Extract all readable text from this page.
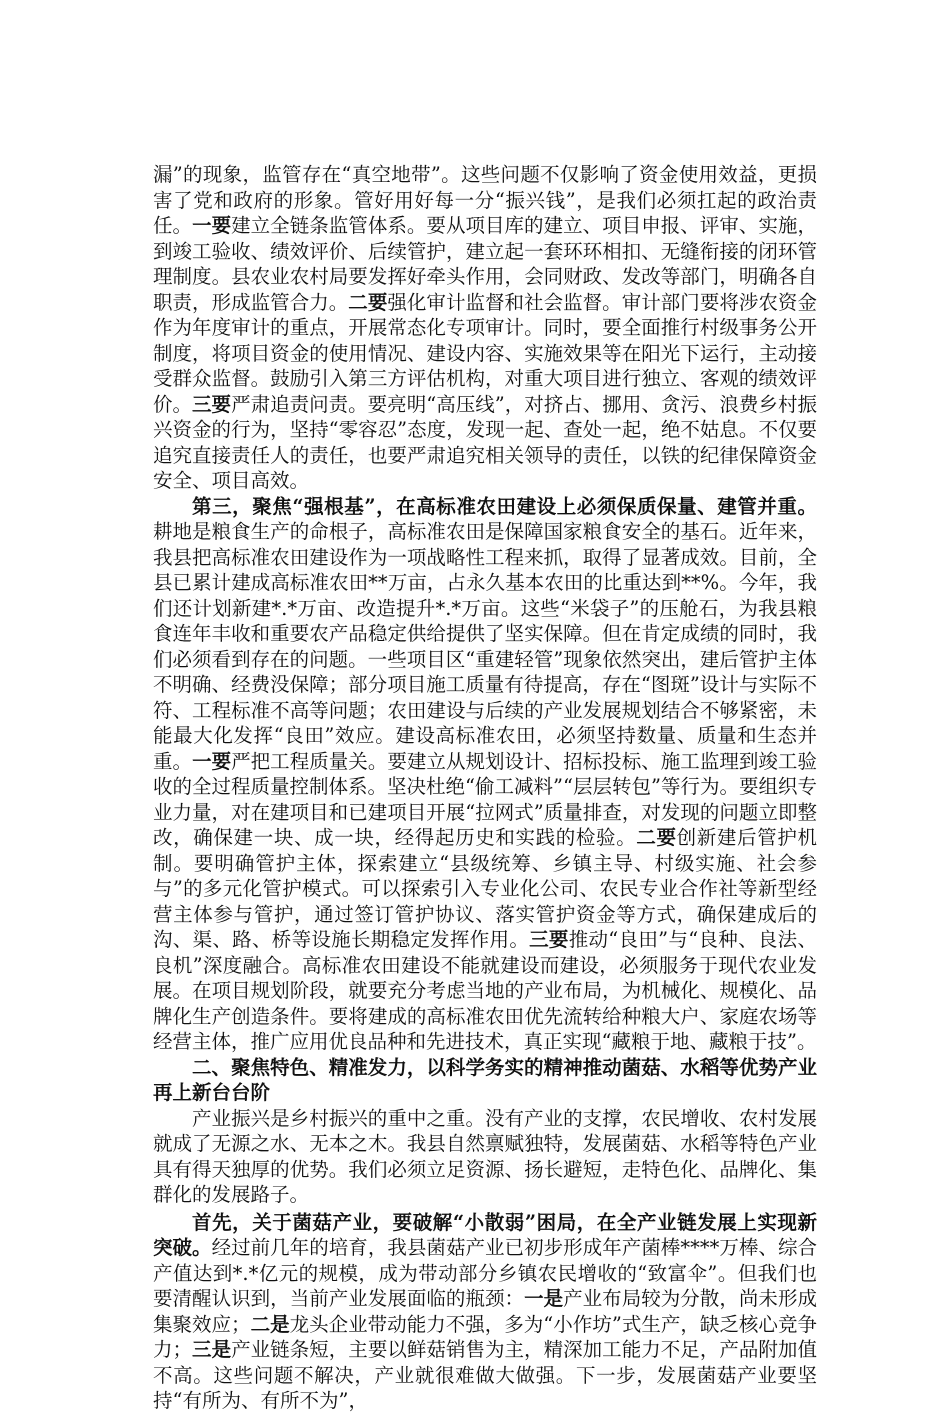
漏”的现象，监管存在“真空地带”。这些问题不仅影响了资金使用效益，更损害了党和政府的形象。管好用好每一分“振兴钱”，是我们必须扛起的政治责任。一要建立全链条监管体系。要从项目库的建立、项目申报、评审、实施，到竣工验收、绩效评价、后续管护，建立起一套环环相扣、无缝衔接的闭环管理制度。县农业农村局要发挥好牵头作用，会同财政、发改等部门，明确各自职责，形成监管合力。二要强化审计监督和社会监督。审计部门要将涉农资金作为年度审计的重点，开展常态化专项审计。同时，要全面推行村级事务公开制度，将项目资金的使用情况、建设内容、实施效果等在阳光下运行，主动接受群众监督。鼓励引入第三方评估机构，对重大项目进行独立、客观的绩效评价。三要严肃追责问责。要亮明“高压线”，对挤占、挪用、贪污、浪费乡村振兴资金的行为，坚持“零容忍”态度，发现一起、查处一起，绝不姑息。不仅要追究直接责任人的责任，也要严肃追究相关领导的责任，以铁的纪律保障资金安全、项目高效。

第三，聚焦“强根基”，在高标准农田建设上必须保质保量、建管并重。耕地是粮食生产的命根子，高标准农田是保障国家粮食安全的基石。近年来，我县把高标准农田建设作为一项战略性工程来抓，取得了显著成效。目前，全县已累计建成高标准农田**万亩，占永久基本农田的比重达到**%。今年，我们还计划新建*.*万亩、改造提升*.*万亩。这些“米袋子”的压舱石，为我县粮食连年丰收和重要农产品稳定供给提供了坚实保障。但在肯定成绩的同时，我们必须看到存在的问题。一些项目区“重建轻管”现象依然突出，建后管护主体不明确、经费没保障；部分项目施工质量有待提高，存在“图斑”设计与实际不符、工程标准不高等问题；农田建设与后续的产业发展规划结合不够紧密，未能最大化发挥“良田”效应。建设高标准农田，必须坚持数量、质量和生态并重。一要严把工程质量关。要建立从规划设计、招标投标、施工监理到竣工验收的全过程质量控制体系。坚决杜绝“偷工减料”“层层转包”等行为。要组织专业力量，对在建项目和已建项目开展“拉网式”质量排查，对发现的问题立即整改，确保建一块、成一块，经得起历史和实践的检验。二要创新建后管护机制。要明确管护主体，探索建立“县级统筹、乡镇主导、村级实施、社会参与”的多元化管护模式。可以探索引入专业化公司、农民专业合作社等新型经营主体参与管护，通过签订管护协议、落实管护资金等方式，确保建成后的沟、渠、路、桥等设施长期稳定发挥作用。三要推动“良田”与“良种、良法、良机”深度融合。高标准农田建设不能就建设而建设，必须服务于现代农业发展。在项目规划阶段，就要充分考虑当地的产业布局，为机械化、规模化、品牌化生产创造条件。要将建成的高标准农田优先流转给种粮大户、家庭农场等经营主体，推广应用优良品种和先进技术，真正实现“藏粮于地、藏粮于技”。

二、聚焦特色、精准发力，以科学务实的精神推动菌菇、水稻等优势产业再上新台台阶

产业振兴是乡村振兴的重中之重。没有产业的支撑，农民增收、农村发展就成了无源之水、无本之木。我县自然禀赋独特，发展菌菇、水稻等特色产业具有得天独厚的优势。我们必须立足资源、扬长避短，走特色化、品牌化、集群化的发展路子。

首先，关于菌菇产业，要破解“小散弱”困局，在全产业链发展上实现新突破。经过前几年的培育，我县菌菇产业已初步形成年产菌棒****万棒、综合产值达到*.*亿元的规模，成为带动部分乡镇农民增收的“致富伞”。但我们也要清醒认识到，当前产业发展面临的瓶颈：一是产业布局较为分散，尚未形成集聚效应；二是龙头企业带动能力不强，多为“小作坊”式生产，缺乏核心竞争力；三是产业链条短，主要以鲜菇销售为主，精深加工能力不足，产品附加值不高。这些问题不解决，产业就很难做大做强。下一步，发展菌菇产业要坚持“有所为、有所不为”，
